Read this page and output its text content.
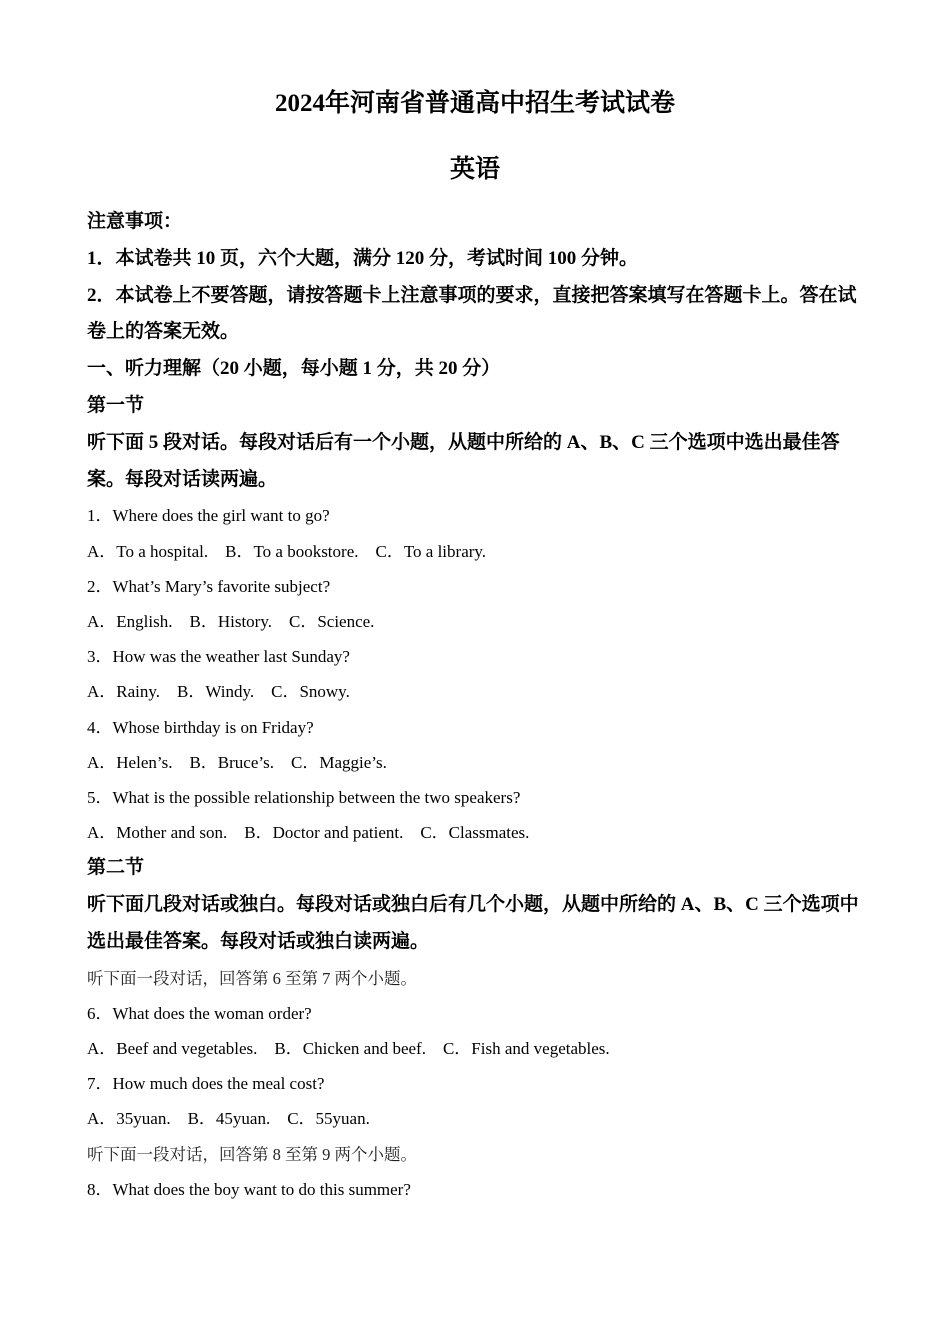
2024年河南省普通高中招生考试试卷
英语
注意事项：
1．本试卷共 10 页，六个大题，满分 120 分，考试时间 100 分钟。
2．本试卷上不要答题，请按答题卡上注意事项的要求，直接把答案填写在答题卡上。答在试卷上的答案无效。
一、听力理解（20 小题，每小题 1 分，共 20 分）
第一节
听下面 5 段对话。每段对话后有一个小题，从题中所给的 A、B、C 三个选项中选出最佳答案。每段对话读两遍。
1．Where does the girl want to go?
A．To a hospital. B．To a bookstore. C．To a library.
2．What’s Mary’s favorite subject?
A．English. B．History. C．Science.
3．How was the weather last Sunday?
A．Rainy. B．Windy. C．Snowy.
4．Whose birthday is on Friday?
A．Helen’s. B．Bruce’s. C．Maggie’s.
5．What is the possible relationship between the two speakers?
A．Mother and son. B．Doctor and patient. C．Classmates.
第二节
听下面几段对话或独白。每段对话或独白后有几个小题，从题中所给的 A、B、C 三个选项中选出最佳答案。每段对话或独白读两遍。
听下面一段对话，回答第 6 至第 7 两个小题。
6．What does the woman order?
A．Beef and vegetables. B．Chicken and beef. C．Fish and vegetables.
7．How much does the meal cost?
A．35yuan. B．45yuan. C．55yuan.
听下面一段对话，回答第 8 至第 9 两个小题。
8．What does the boy want to do this summer?
